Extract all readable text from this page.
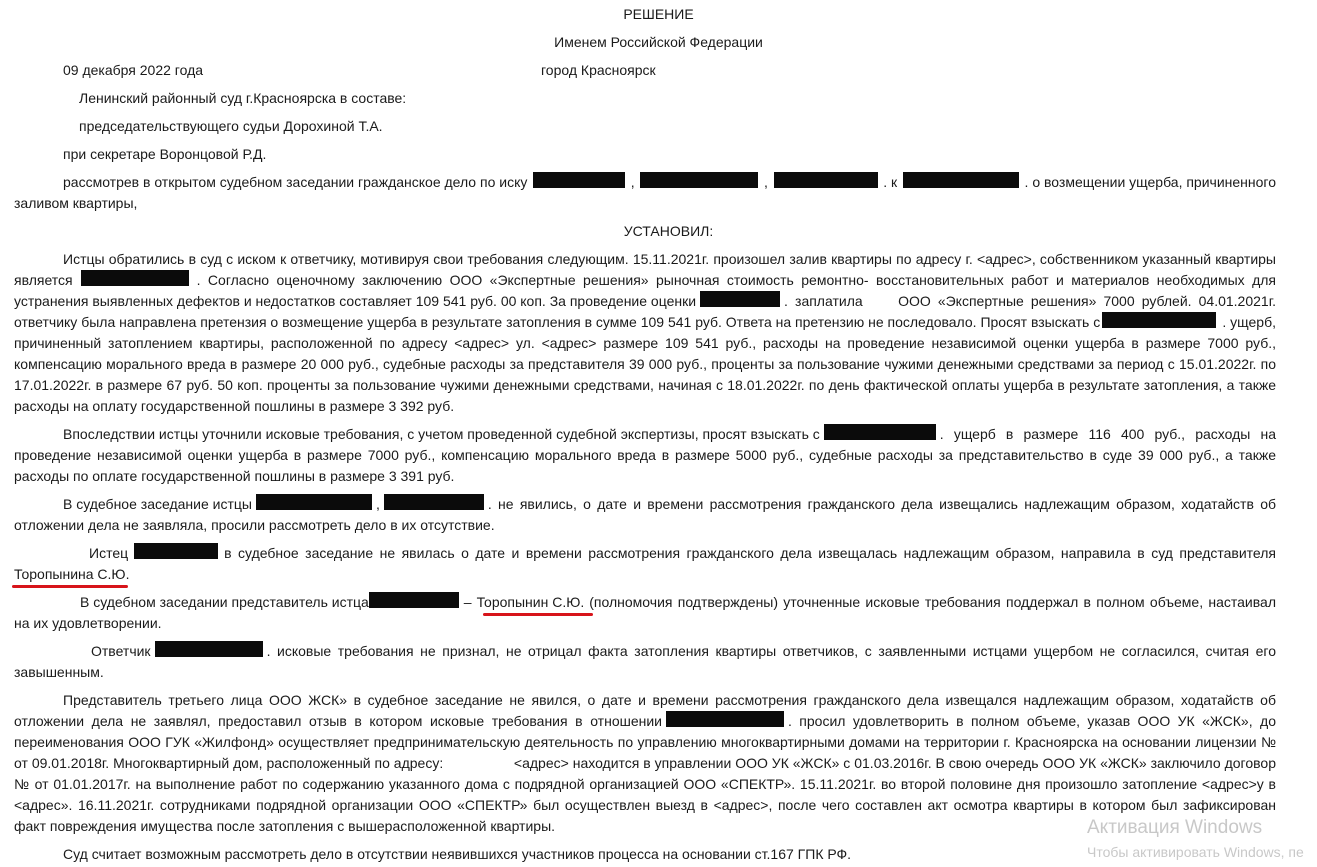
РЕШЕНИЕ
Именем Российской Федерации
09 декабря 2022 года	город Красноярск
Ленинский районный суд г.Красноярска в составе:
председательствующего судьи Дорохиной Т.А.
при секретаре Воронцовой Р.Д.
рассмотрев в открытом судебном заседании гражданское дело по иску	,	,	. к	. о возмещении ущерба, причиненного
заливом квартиры,
УСТАНОВИЛ:
Истцы обратились в суд с иском к ответчику, мотивируя свои требования следующим. 15.11.2021г. произошел залив квартиры по адресу г. <адрес>, собственником указанный квартиры
является	. Согласно оценочному заключению ООО «Экспертные решения» рыночная стоимость ремонтно- восстановительных работ и материалов необходимых для
устранения выявленных дефектов и недостатков составляет 109 541 руб. 00 коп. За проведение оценки	. заплатила     ООО «Экспертные решения» 7000 рублей. 04.01.2021г.
ответчику была направлена претензия о возмещение ущерба в результате затопления в сумме 109 541 руб. Ответа на претензию не последовало. Просят взыскать с	. ущерб,
причиненный затоплением квартиры, расположенной по адресу <адрес> ул. <адрес> размере 109 541 руб., расходы на проведение независимой оценки ущерба в размере 7000 руб.,
компенсацию морального вреда в размере 20 000 руб., судебные расходы за представителя 39 000 руб., проценты за пользование чужими денежными средствами за период с 15.01.2022г. по
17.01.2022г. в размере 67 руб. 50 коп. проценты за пользование чужими денежными средствами, начиная с 18.01.2022г. по день фактической оплаты ущерба в результате затопления, а также
расходы на оплату государственной пошлины в размере 3 392 руб.
Впоследствии истцы уточнили исковые требования, с учетом проведенной судебной экспертизы, просят взыскать с	. ущерб в размере 116 400 руб., расходы на
проведение независимой оценки ущерба в размере 7000 руб., компенсацию морального вреда в размере 5000 руб., судебные расходы за представительство в суде 39 000 руб., а также
расходы по оплате государственной пошлины в размере 3 391 руб.
В судебное заседание истцы	,	. не явились, о дате и времени рассмотрения гражданского дела извещались надлежащим образом, ходатайств об
отложении дела не заявляла, просили рассмотреть дело в их отсутствие.
Истец	в судебное заседание не явилась о дате и времени рассмотрения гражданского дела извещалась надлежащим образом, направила в суд представителя
Торопынина С.Ю.
В судебном заседании представитель истца	– Торопынин С.Ю. (полномочия подтверждены) уточненные исковые требования поддержал в полном объеме, настаивал
на их удовлетворении.
Ответчик	. исковые требования не признал, не отрицал факта затопления квартиры ответчиков, с заявленными истцами ущербом не согласился, считая его
завышенным.
Представитель третьего лица ООО ЖСК» в судебное заседание не явился, о дате и времени рассмотрения гражданского дела извещался надлежащим образом, ходатайств об
отложении дела не заявлял, предоставил отзыв в котором исковые требования в отношении	. просил удовлетворить в полном объеме, указав ООО УК «ЖСК», до
переименования ООО ГУК «Жилфонд» осуществляет предпринимательскую деятельность по управлению многоквартирными домами на территории г. Красноярска на основании лицензии №
от 09.01.2018г. Многоквартирный дом, расположенный по адресу:                  <адрес> находится в управлении ООО УК «ЖСК» с 01.03.2016г. В свою очередь ООО УК «ЖСК» заключило договор
№ от 01.01.2017г. на выполнение работ по содержанию указанного дома с подрядной организацией ООО «СПЕКТР». 15.11.2021г. во второй половине дня произошло затопление <адрес>у в
<адрес». 16.11.2021г. сотрудниками подрядной организации ООО «СПЕКТР» был осуществлен выезд в <адрес>, после чего составлен акт осмотра квартиры в котором был зафиксирован
факт повреждения имущества после затопления с вышерасположенной квартиры.
Суд считает возможным рассмотреть дело в отсутствии неявившихся участников процесса на основании ст.167 ГПК РФ.
Активация Windows
Чтобы активировать Windows, пе
